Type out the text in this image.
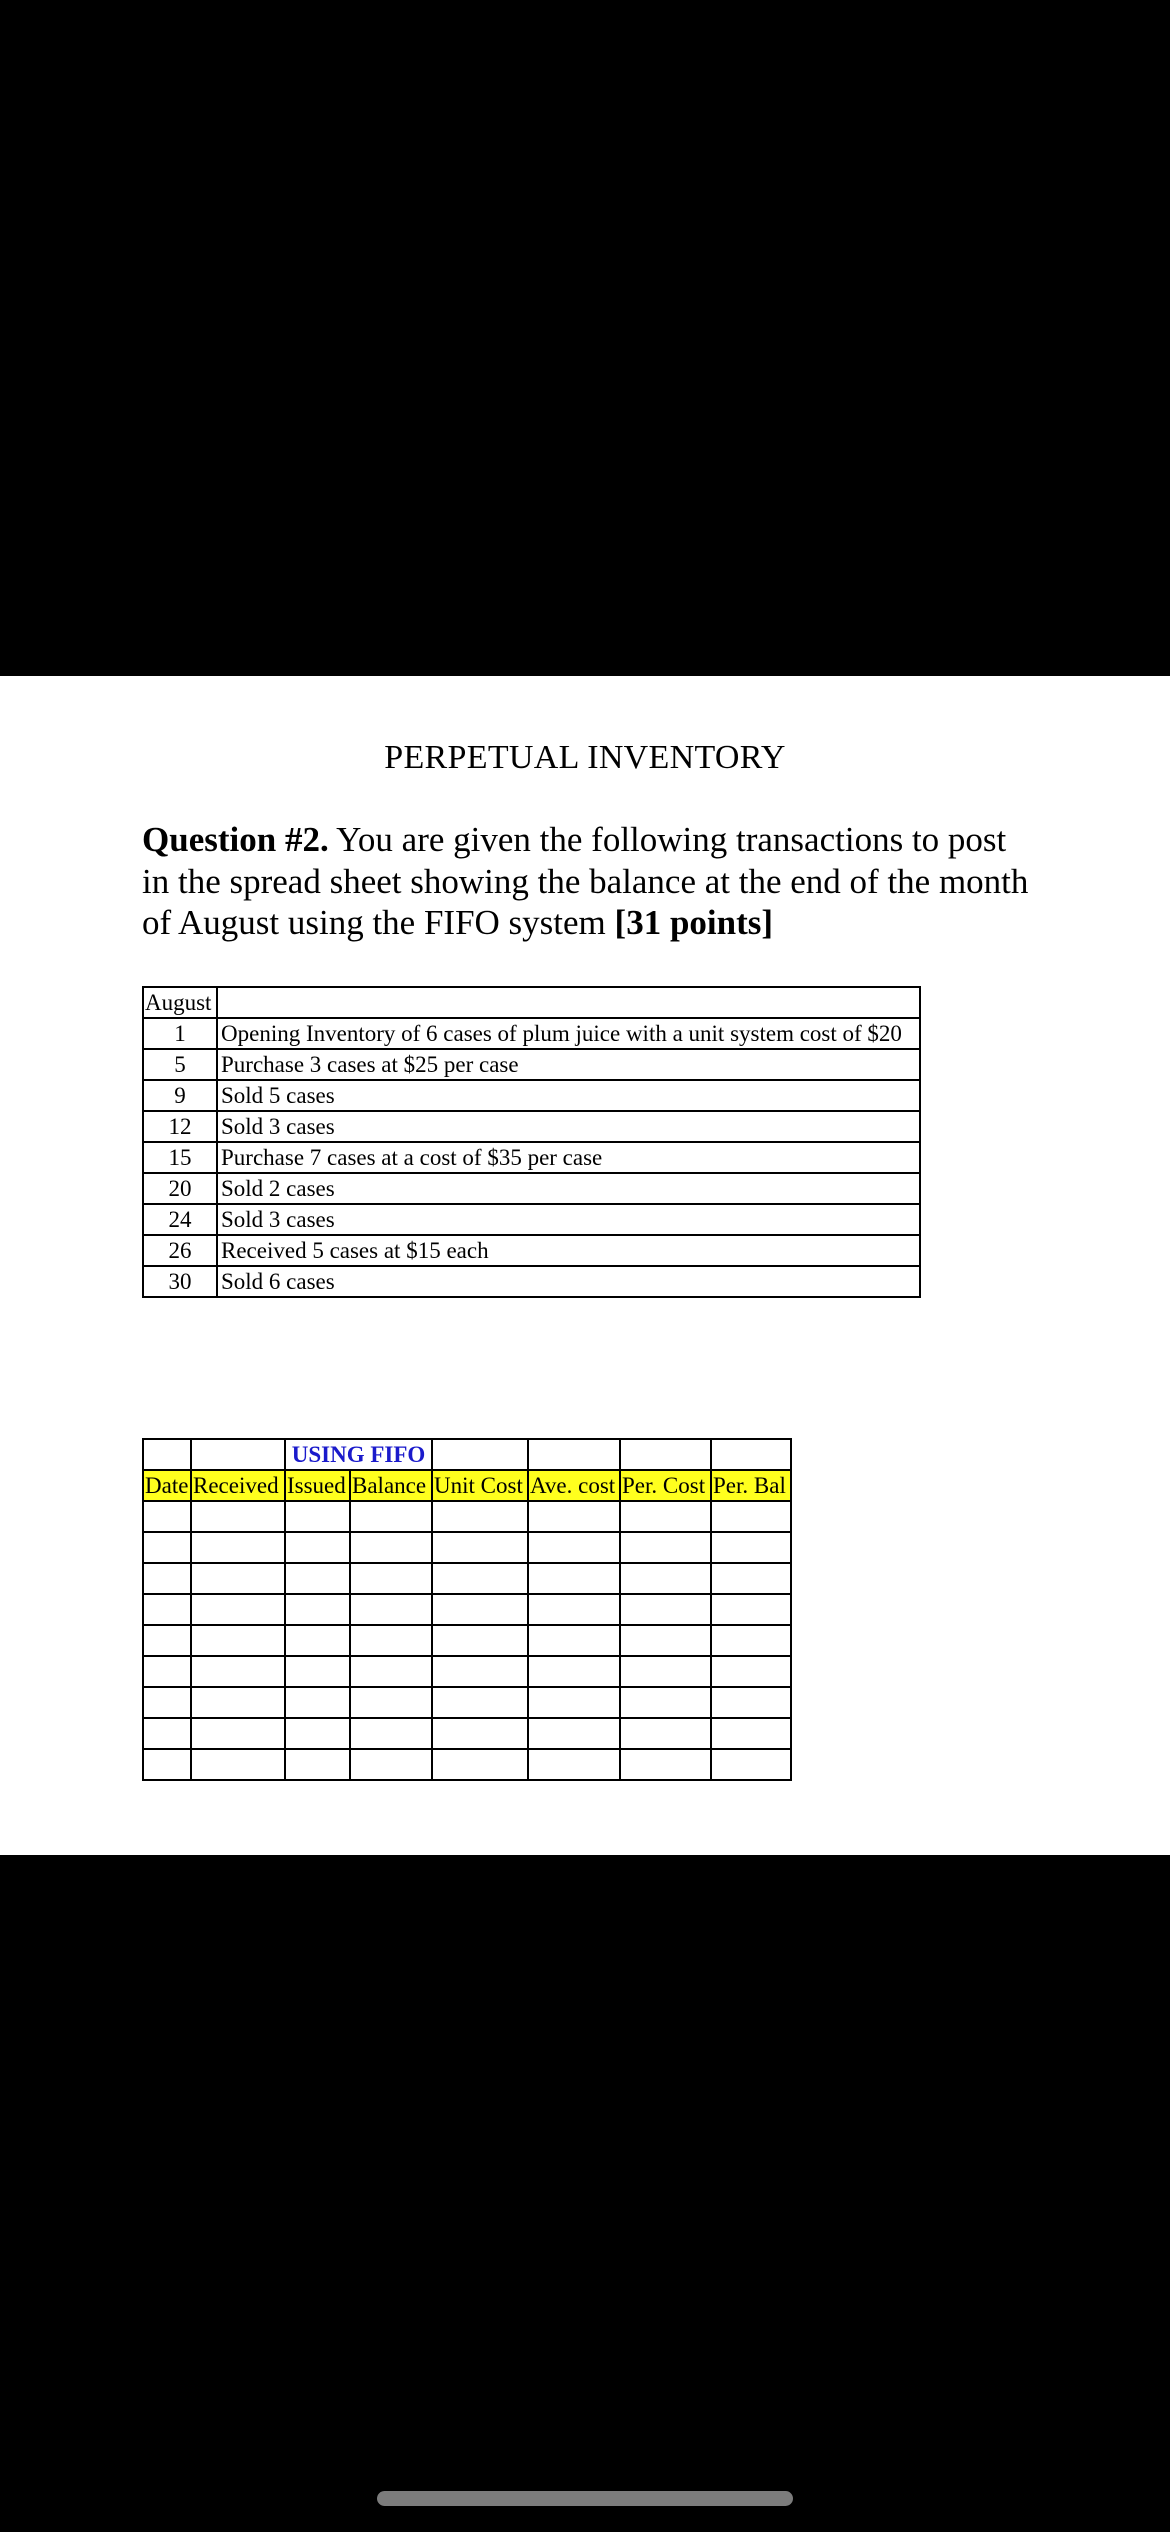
PERPETUAL INVENTORY
Question #2. You are given the following transactions to post in the spread sheet showing the balance at the end of the month of August using the FIFO system [31 points]
August	
1	Opening Inventory of 6 cases of plum juice with a unit system cost of $20
5	Purchase 3 cases at $25 per case
9	Sold 5 cases
12	Sold 3 cases
15	Purchase 7 cases at a cost of $35 per case
20	Sold 2 cases
24	Sold 3 cases
26	Received 5 cases at $15 each
30	Sold 6 cases
		USING FIFO					
Date	Received	Issued	Balance	Unit Cost	Ave. cost	Per. Cost	Per. Bal
